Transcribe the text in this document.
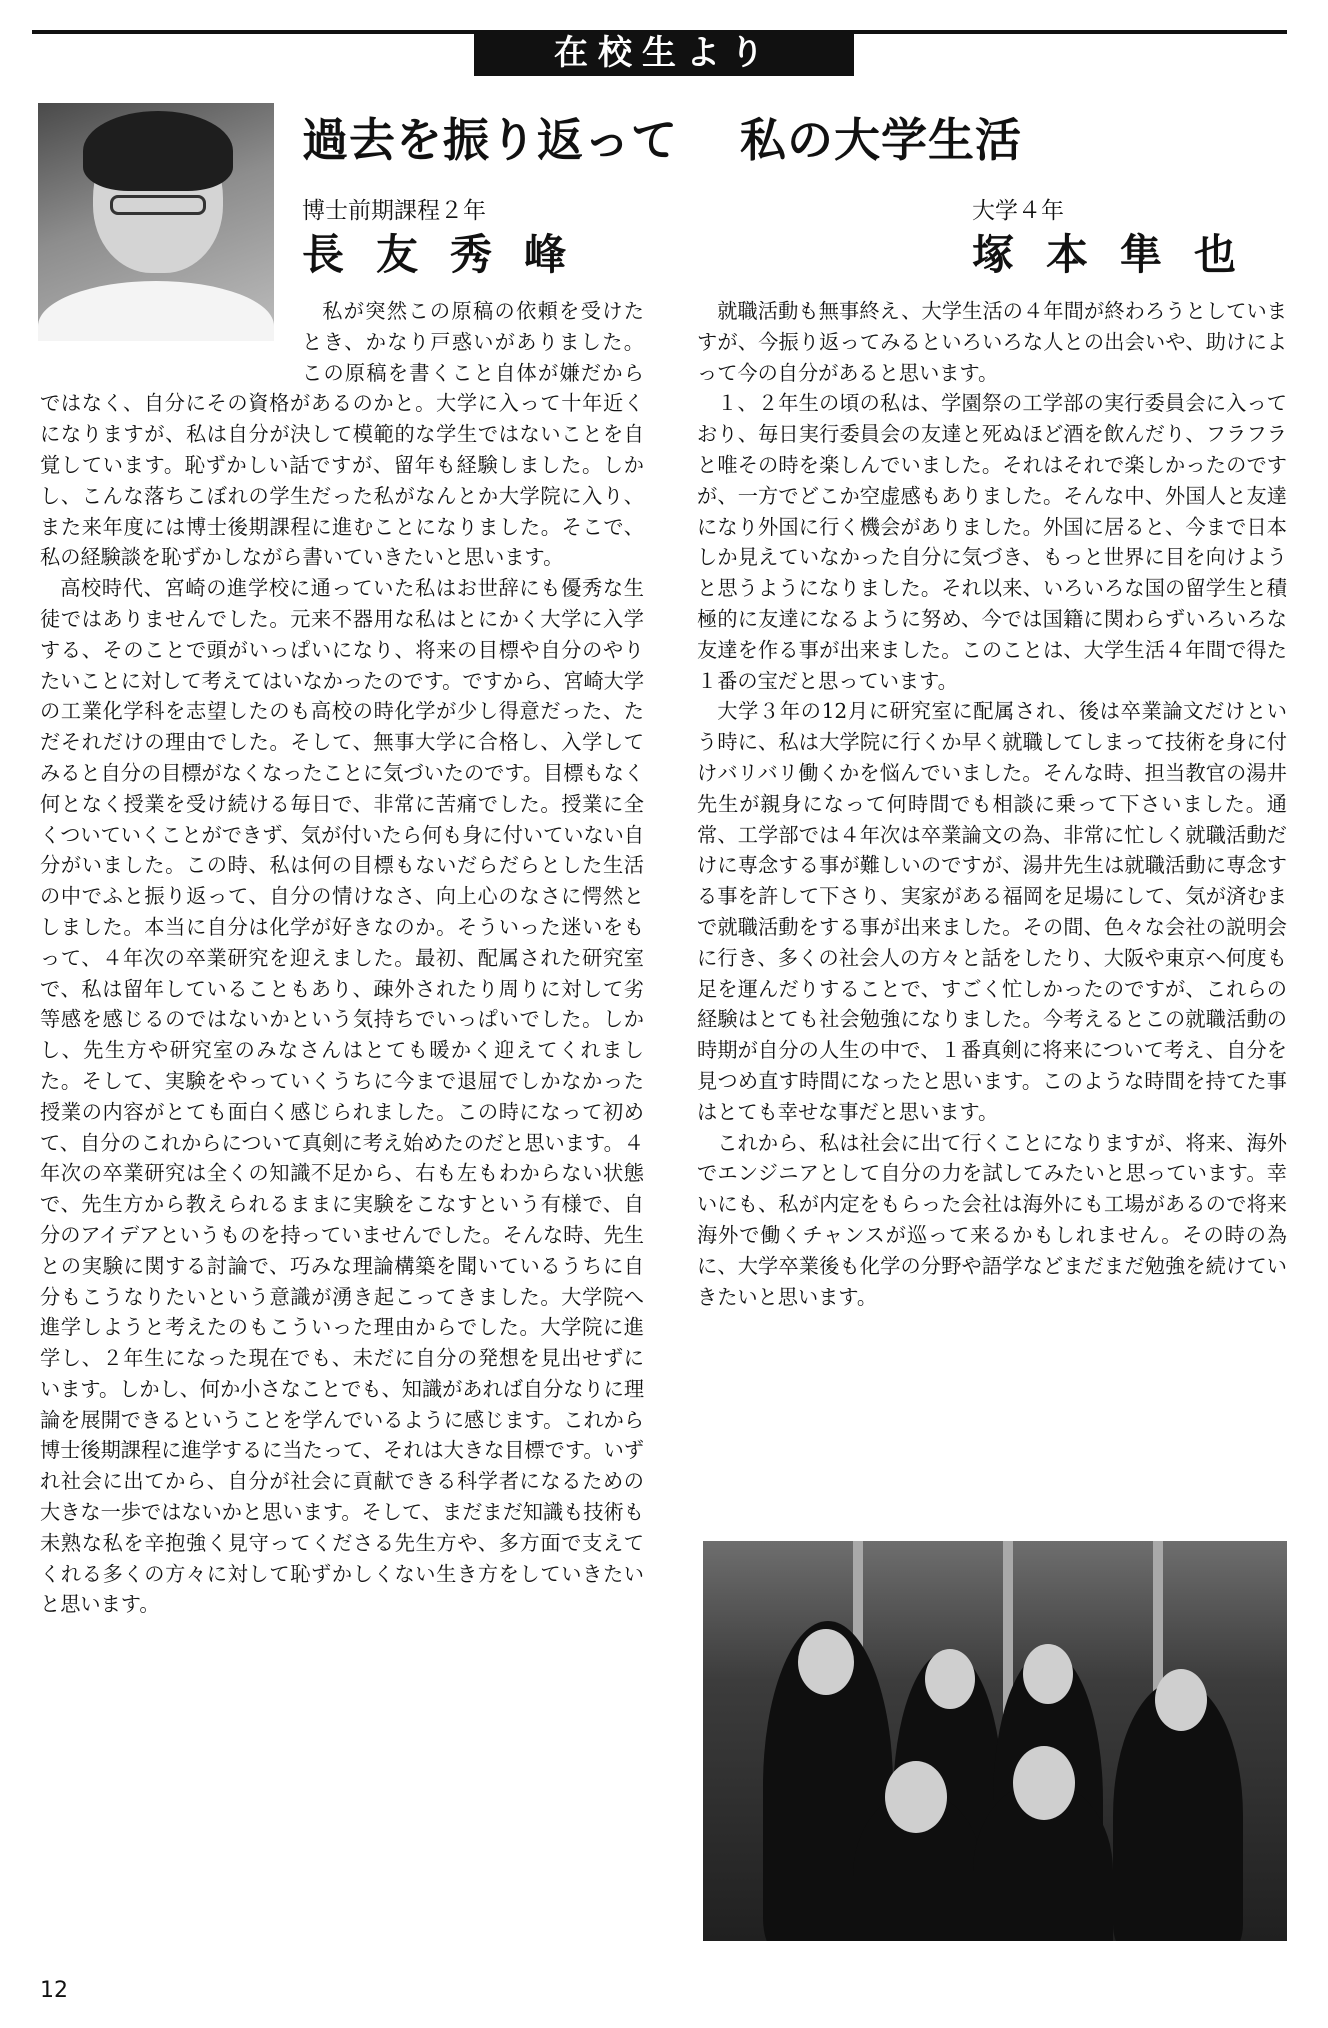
在校生より
過去を振り返って
博士前期課程２年
長友秀峰
私の大学生活
大学４年
塚本隼也

私が突然この原稿の依頼を受けたとき、かなり戸惑いがありました。この原稿を書くこと自体が嫌だからではなく、自分にその資格があるのかと。大学に入って十年近くになりますが、私は自分が決して模範的な学生ではないことを自覚しています。恥ずかしい話ですが、留年も経験しました。しかし、こんな落ちこぼれの学生だった私がなんとか大学院に入り、また来年度には博士後期課程に進むことになりました。そこで、私の経験談を恥ずかしながら書いていきたいと思います。

高校時代、宮崎の進学校に通っていた私はお世辞にも優秀な生徒ではありませんでした。元来不器用な私はとにかく大学に入学する、そのことで頭がいっぱいになり、将来の目標や自分のやりたいことに対して考えてはいなかったのです。ですから、宮崎大学の工業化学科を志望したのも高校の時化学が少し得意だった、ただそれだけの理由でした。そして、無事大学に合格し、入学してみると自分の目標がなくなったことに気づいたのです。目標もなく何となく授業を受け続ける毎日で、非常に苦痛でした。授業に全くついていくことができず、気が付いたら何も身に付いていない自分がいました。この時、私は何の目標もないだらだらとした生活の中でふと振り返って、自分の情けなさ、向上心のなさに愕然としました。本当に自分は化学が好きなのか。そういった迷いをもって、４年次の卒業研究を迎えました。最初、配属された研究室で、私は留年していることもあり、疎外されたり周りに対して劣等感を感じるのではないかという気持ちでいっぱいでした。しかし、先生方や研究室のみなさんはとても暖かく迎えてくれました。そして、実験をやっていくうちに今まで退屈でしかなかった授業の内容がとても面白く感じられました。この時になって初めて、自分のこれからについて真剣に考え始めたのだと思います。４年次の卒業研究は全くの知識不足から、右も左もわからない状態で、先生方から教えられるままに実験をこなすという有様で、自分のアイデアというものを持っていませんでした。そんな時、先生との実験に関する討論で、巧みな理論構築を聞いているうちに自分もこうなりたいという意識が湧き起こってきました。大学院へ進学しようと考えたのもこういった理由からでした。大学院に進学し、２年生になった現在でも、未だに自分の発想を見出せずにいます。しかし、何か小さなことでも、知識があれば自分なりに理論を展開できるということを学んでいるように感じます。これから博士後期課程に進学するに当たって、それは大きな目標です。いずれ社会に出てから、自分が社会に貢献できる科学者になるための大きな一歩ではないかと思います。そして、まだまだ知識も技術も未熟な私を辛抱強く見守ってくださる先生方や、多方面で支えてくれる多くの方々に対して恥ずかしくない生き方をしていきたいと思います。

就職活動も無事終え、大学生活の４年間が終わろうとしていますが、今振り返ってみるといろいろな人との出会いや、助けによって今の自分があると思います。

１、２年生の頃の私は、学園祭の工学部の実行委員会に入っており、毎日実行委員会の友達と死ぬほど酒を飲んだり、フラフラと唯その時を楽しんでいました。それはそれで楽しかったのですが、一方でどこか空虚感もありました。そんな中、外国人と友達になり外国に行く機会がありました。外国に居ると、今まで日本しか見えていなかった自分に気づき、もっと世界に目を向けようと思うようになりました。それ以来、いろいろな国の留学生と積極的に友達になるように努め、今では国籍に関わらずいろいろな友達を作る事が出来ました。このことは、大学生活４年間で得た１番の宝だと思っています。

大学３年の12月に研究室に配属され、後は卒業論文だけという時に、私は大学院に行くか早く就職してしまって技術を身に付けバリバリ働くかを悩んでいました。そんな時、担当教官の湯井先生が親身になって何時間でも相談に乗って下さいました。通常、工学部では４年次は卒業論文の為、非常に忙しく就職活動だけに専念する事が難しいのですが、湯井先生は就職活動に専念する事を許して下さり、実家がある福岡を足場にして、気が済むまで就職活動をする事が出来ました。その間、色々な会社の説明会に行き、多くの社会人の方々と話をしたり、大阪や東京へ何度も足を運んだりすることで、すごく忙しかったのですが、これらの経験はとても社会勉強になりました。今考えるとこの就職活動の時期が自分の人生の中で、１番真剣に将来について考え、自分を見つめ直す時間になったと思います。このような時間を持てた事はとても幸せな事だと思います。

これから、私は社会に出て行くことになりますが、将来、海外でエンジニアとして自分の力を試してみたいと思っています。幸いにも、私が内定をもらった会社は海外にも工場があるので将来海外で働くチャンスが巡って来るかもしれません。その時の為に、大学卒業後も化学の分野や語学などまだまだ勉強を続けていきたいと思います。

12
